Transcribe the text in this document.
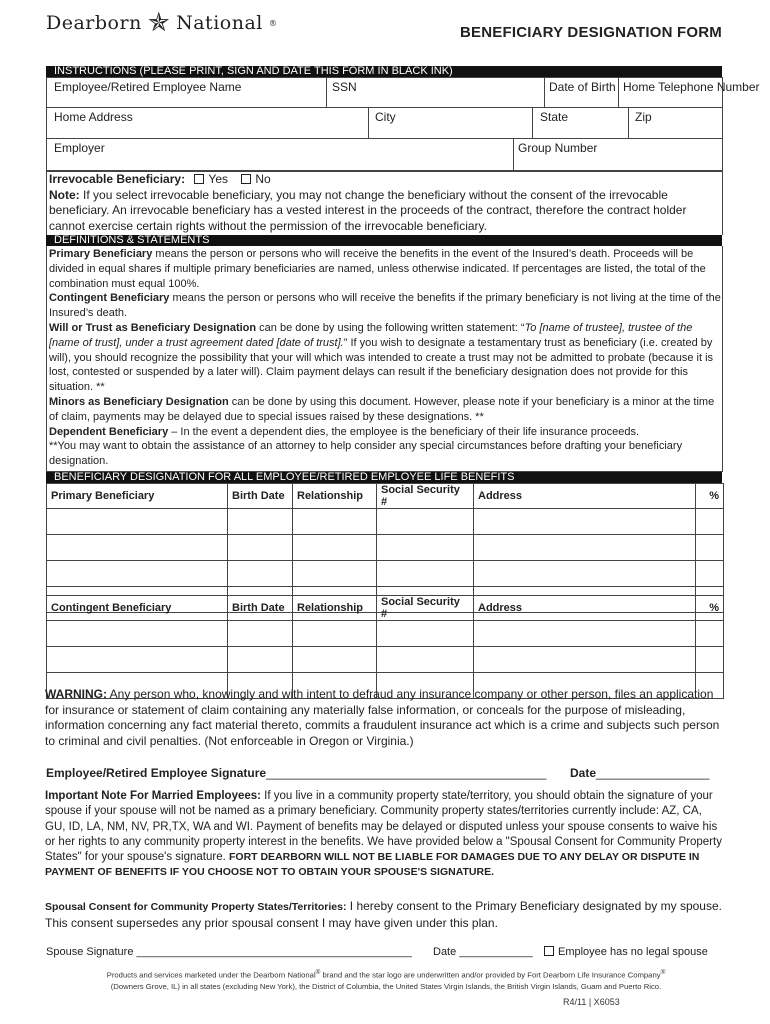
Dearborn ✯ National ®
BENEFICIARY DESIGNATION FORM
INSTRUCTIONS (PLEASE PRINT, SIGN AND DATE THIS FORM IN BLACK INK)
Employee/Retired Employee Name	SSN	Date of Birth Home Telephone Number
Home Address	City	State	Zip
Employer	Group Number
Irrevocable Beneficiary: Yes No
Note: If you select irrevocable beneficiary, you may not change the beneficiary without the consent of the irrevocable beneficiary. An irrevocable beneficiary has a vested interest in the proceeds of the contract, therefore the contract holder cannot exercise certain rights without the permission of the irrevocable beneficiary.
DEFINITIONS & STATEMENTS
Primary Beneficiary means the person or persons who will receive the benefits in the event of the Insured’s death. Proceeds will be divided in equal shares if multiple primary beneficiaries are named, unless otherwise indicated. If percentages are listed, the total of the combination must equal 100%.
Contingent Beneficiary means the person or persons who will receive the benefits if the primary beneficiary is not living at the time of the Insured’s death.
Will or Trust as Beneficiary Designation can be done by using the following written statement: “To [name of trustee], trustee of the [name of trust], under a trust agreement dated [date of trust].” If you wish to designate a testamentary trust as beneficiary (i.e. created by will), you should recognize the possibility that your will which was intended to create a trust may not be admitted to probate (because it is lost, contested or suspended by a later will). Claim payment delays can result if the beneficiary designation does not provide for this situation. **
Minors as Beneficiary Designation can be done by using this document. However, please note if your beneficiary is a minor at the time of claim, payments may be delayed due to special issues raised by these designations. **
Dependent Beneficiary – In the event a dependent dies, the employee is the beneficiary of their life insurance proceeds.
**You may want to obtain the assistance of an attorney to help consider any special circumstances before drafting your beneficiary designation.
BENEFICIARY DESIGNATION FOR ALL EMPLOYEE/RETIRED EMPLOYEE LIFE BENEFITS
Primary Beneficiary	Birth Date	Relationship	Social Security #	Address	%

Contingent Beneficiary	Birth Date	Relationship	Social Security #	Address	%

WARNING: Any person who, knowingly and with intent to defraud any insurance company or other person, files an application for insurance or statement of claim containing any materially false information, or conceals for the purpose of misleading, information concerning any fact material thereto, commits a fraudulent insurance act which is a crime and subjects such person to criminal and civil penalties. (Not enforceable in Oregon or Virginia.)
Employee/Retired Employee Signature__________________________________________ Date_________________
Important Note For Married Employees: If you live in a community property state/territory, you should obtain the signature of your spouse if your spouse will not be named as a primary beneficiary. Community property states/territories currently include: AZ, CA, GU, ID, LA, NM, NV, PR,TX, WA and WI. Payment of benefits may be delayed or disputed unless your spouse consents to waive his or her rights to any community property interest in the benefits. We have provided below a "Spousal Consent for Community Property States" for your spouse's signature. FORT DEARBORN WILL NOT BE LIABLE FOR DAMAGES DUE TO ANY DELAY OR DISPUTE IN PAYMENT OF BENEFITS IF YOU CHOOSE NOT TO OBTAIN YOUR SPOUSE'S SIGNATURE.
Spousal Consent for Community Property States/Territories: I hereby consent to the Primary Beneficiary designated by my spouse. This consent supersedes any prior spousal consent I may have given under this plan.
Spouse Signature _____________________________________________ Date ____________	Employee has no legal spouse
Products and services marketed under the Dearborn National® brand and the star logo are underwritten and/or provided by Fort Dearborn Life Insurance Company®
(Downers Grove, IL) in all states (excluding New York), the District of Columbia, the United States Virgin Islands, the British Virgin Islands, Guam and Puerto Rico.
R4/11 | X6053
